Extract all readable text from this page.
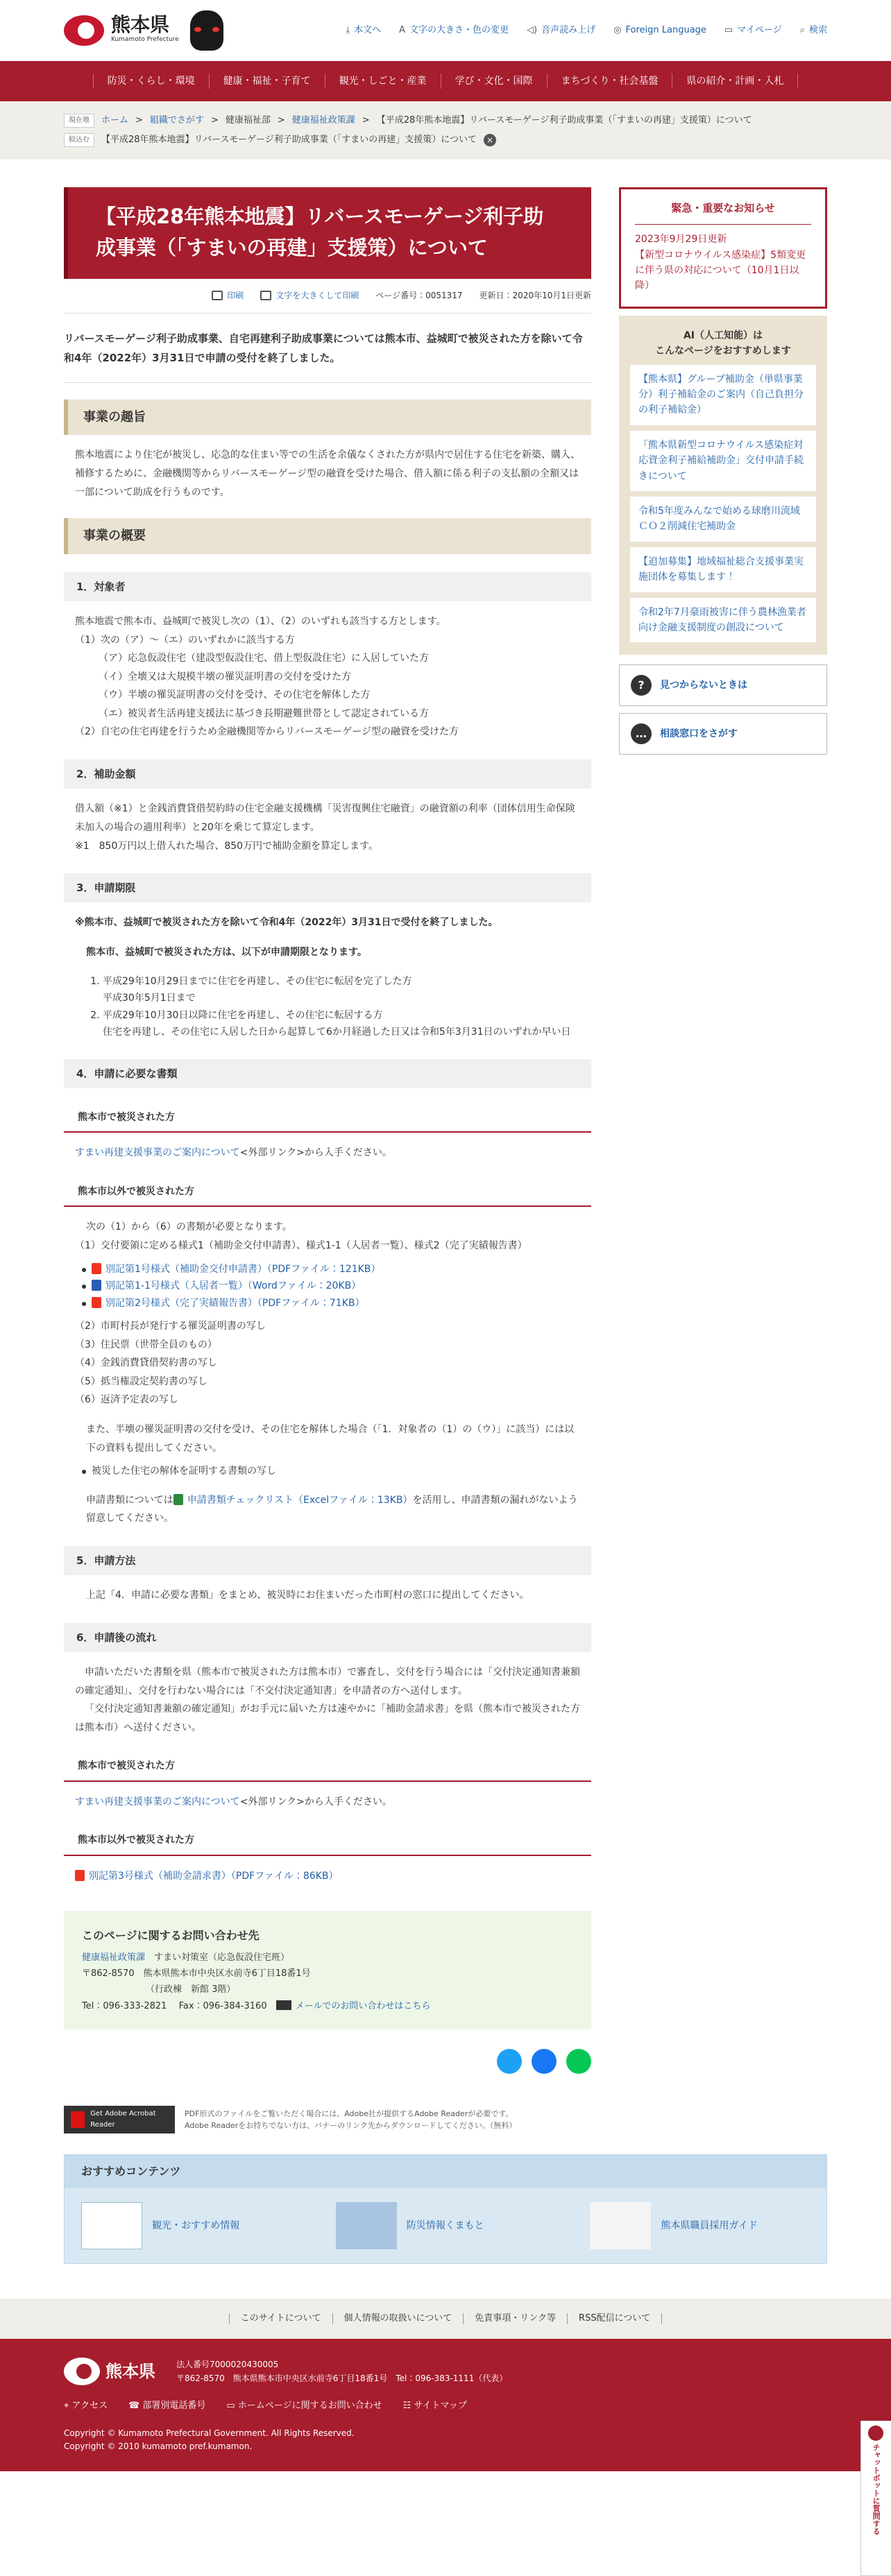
熊本県
Kumamoto Prefecture
⤓ 本文へ A 文字の大きさ・色の変更 ◁) 音声読み上げ ◎ Foreign Language ▭ マイページ ⌕ 検索
防災・くらし・環境	健康・福祉・子育て	観光・しごと・産業	学び・文化・国際	まちづくり・社会基盤	県の紹介・計画・入札
現在地	ホーム > 組織でさがす > 健康福祉部 > 健康福祉政策課 > 【平成28年熊本地震】リバースモーゲージ利子助成事業（「すまいの再建」支援策）について
絞込む	【平成28年熊本地震】リバースモーゲージ利子助成事業（「すまいの再建」支援策）について	×
【平成28年熊本地震】リバースモーゲージ利子助成事業（「すまいの再建」支援策）について
印刷	文字を大きくして印刷 ページ番号：0051317 更新日：2020年10月1日更新

リバースモーゲージ利子助成事業、自宅再建利子助成事業については熊本市、益城町で被災された方を除いて令和4年（2022年）3月31日で申請の受付を終了しました。

事業の趣旨

熊本地震により住宅が被災し、応急的な住まい等での生活を余儀なくされた方が県内で居住する住宅を新築、購入、補修するために、金融機関等からリバースモーゲージ型の融資を受けた場合、借入額に係る利子の支払額の全額又は一部について助成を行うものです。

事業の概要
1．対象者

熊本地震で熊本市、益城町で被災し次の（1）、（2）のいずれも該当する方とします。

（1）次の（ア）～（エ）のいずれかに該当する方

（ア）応急仮設住宅（建設型仮設住宅、借上型仮設住宅）に入居していた方

（イ）全壊又は大規模半壊の罹災証明書の交付を受けた方

（ウ）半壊の罹災証明書の交付を受け、その住宅を解体した方

（エ）被災者生活再建支援法に基づき長期避難世帯として認定されている方

（2）自宅の住宅再建を行うため金融機関等からリバースモーゲージ型の融資を受けた方

2．補助金額

借入額（※1）と金銭消費貸借契約時の住宅金融支援機構「災害復興住宅融資」の融資額の利率（団体信用生命保険未加入の場合の適用利率）と20年を乗じて算定します。

※1　850万円以上借入れた場合、850万円で補助金額を算定します。

3．申請期限

※熊本市、益城町で被災された方を除いて令和4年（2022年）3月31日で受付を終了しました。

熊本市、益城町で被災された方は、以下が申請期限となります。

1. 平成29年10月29日までに住宅を再建し、その住宅に転居を完了した方
平成30年5月1日まで
2. 平成29年10月30日以降に住宅を再建し、その住宅に転居する方
住宅を再建し、その住宅に入居した日から起算して6か月経過した日又は令和5年3月31日のいずれか早い日
4．申請に必要な書類
熊本市で被災された方

すまい再建支援事業のご案内について<外部リンク>から入手ください。

熊本市以外で被災された方

次の（1）から（6）の書類が必要となります。

（1）交付要領に定める様式1（補助金交付申請書）、様式1-1（入居者一覧）、様式2（完了実績報告書）

別記第1号様式（補助金交付申請書）（PDFファイル：121KB）
別記第1-1号様式（入居者一覧）（Wordファイル：20KB）
別記第2号様式（完了実績報告書）（PDFファイル：71KB）

（2）市町村長が発行する罹災証明書の写し

（3）住民票（世帯全員のもの）

（4）金銭消費貸借契約書の写し

（5）抵当権設定契約書の写し

（6）返済予定表の写し

また、半壊の罹災証明書の交付を受け、その住宅を解体した場合（「1．対象者の（1）の（ウ）」に該当）には以下の資料も提出してください。

被災した住宅の解体を証明する書類の写し

申請書類については 申請書類チェックリスト（Excelファイル：13KB）を活用し、申請書類の漏れがないよう留意してください。

5．申請方法

上記「4．申請に必要な書類」をまとめ、被災時にお住まいだった市町村の窓口に提出してください。

6．申請後の流れ

申請いただいた書類を県（熊本市で被災された方は熊本市）で審査し、交付を行う場合には「交付決定通知書兼額の確定通知」、交付を行わない場合には「不交付決定通知書」を申請者の方へ送付します。

「交付決定通知書兼額の確定通知」がお手元に届いた方は速やかに「補助金請求書」を県（熊本市で被災された方は熊本市）へ送付ください。

熊本市で被災された方

すまい再建支援事業のご案内について<外部リンク>から入手ください。

熊本市以外で被災された方

別記第3号様式（補助金請求書）（PDFファイル：86KB）

このページに関するお問い合わせ先

健康福祉政策課　 すまい対策室（応急仮設住宅班）

〒862-8570　熊本県熊本市中央区水前寺6丁目18番1号

（行政棟　新館 3階）

Tel：096-333-2821　 Fax：096-384-3160　	メールでのお問い合わせはこちら

緊急・重要なお知らせ

2023年9月29日更新
【新型コロナウイルス感染症】5類変更に伴う県の対応について（10月1日以降）

AI（人工知能）は
こんなページをおすすめします
【熊本県】グループ補助金（単県事業分）利子補給金のご案内（自己負担分の利子補給金）
「熊本県新型コロナウイルス感染症対応資金利子補給補助金」交付申請手続きについて
令和5年度みんなで始める球磨川流域ＣＯ２削減住宅補助金
【追加募集】地域福祉総合支援事業実施団体を募集します！
令和2年7月豪雨被害に伴う農林漁業者向け金融支援制度の創設について
?	見つからないときは
…	相談窓口をさがす
Get Adobe Acrobat Reader

PDF形式のファイルをご覧いただく場合には、Adobe社が提供するAdobe Readerが必要です。

Adobe Readerをお持ちでない方は、バナーのリンク先からダウンロードしてください。（無料）

おすすめコンテンツ
観光・おすすめ情報	防災情報くまもと	熊本県職員採用ガイド
このサイトについて	個人情報の取扱いについて	免責事項・リンク等	RSS配信について
熊本県	法人番号7000020430005

〒862-8570　熊本県熊本市中央区水前寺6丁目18番1号　Tel：096-383-1111（代表）

⌖ アクセス ☎ 部署別電話番号 ▭ ホームページに関するお問い合わせ ☷ サイトマップ

Copyright © Kumamoto Prefectural Government. All Rights Reserved.

Copyright © 2010 kumamoto pref.kumamon.	チャットボットに質問する
